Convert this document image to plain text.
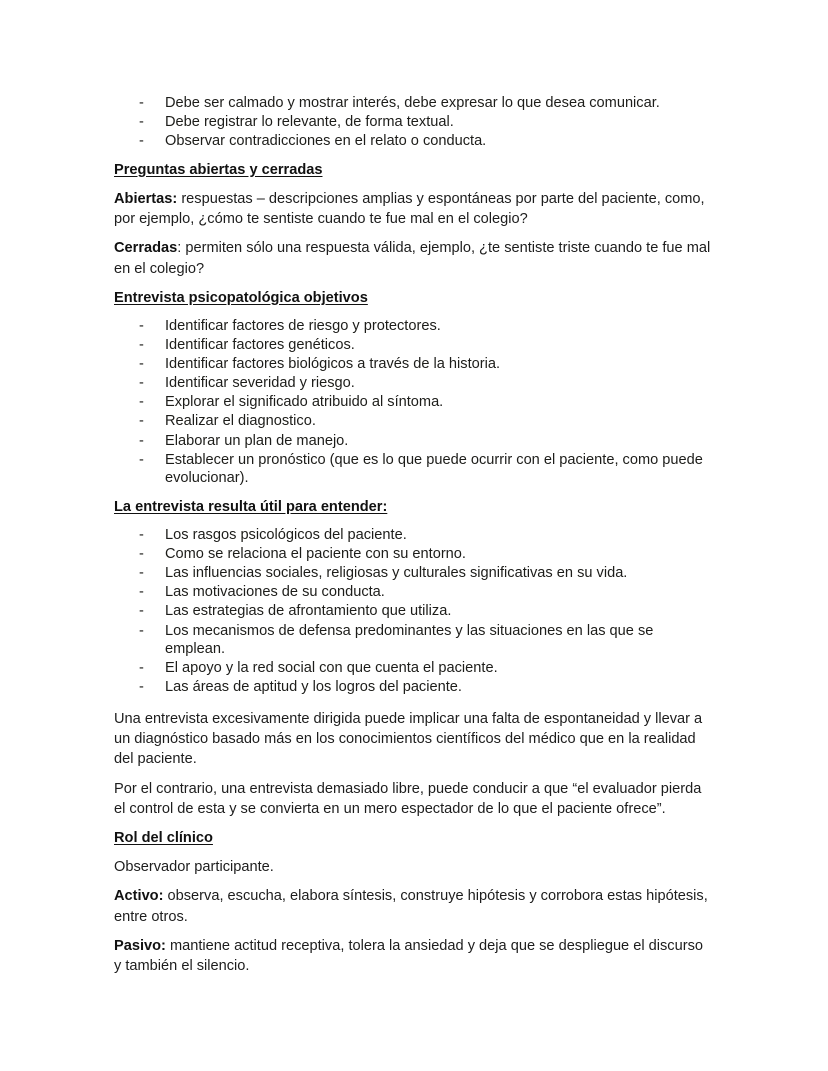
-	Debe ser calmado y mostrar interés, debe expresar lo que desea comunicar.
-	Debe registrar lo relevante, de forma textual.
-	Observar contradicciones en el relato o conducta.
Preguntas abiertas y cerradas

Abiertas: respuestas – descripciones amplias y espontáneas por parte del paciente, como, por ejemplo, ¿cómo te sentiste cuando te fue mal en el colegio?

Cerradas: permiten sólo una respuesta válida, ejemplo, ¿te sentiste triste cuando te fue mal en el colegio?

Entrevista psicopatológica objetivos
-	Identificar factores de riesgo y protectores.
-	Identificar factores genéticos.
-	Identificar factores biológicos a través de la historia.
-	Identificar severidad y riesgo.
-	Explorar el significado atribuido al síntoma.
-	Realizar el diagnostico.
-	Elaborar un plan de manejo.
-	Establecer un pronóstico (que es lo que puede ocurrir con el paciente, como puede evolucionar).
La entrevista resulta útil para entender:
-	Los rasgos psicológicos del paciente.
-	Como se relaciona el paciente con su entorno.
-	Las influencias sociales, religiosas y culturales significativas en su vida.
-	Las motivaciones de su conducta.
-	Las estrategias de afrontamiento que utiliza.
-	Los mecanismos de defensa predominantes y las situaciones en las que se emplean.
-	El apoyo y la red social con que cuenta el paciente.
-	Las áreas de aptitud y los logros del paciente.

Una entrevista excesivamente dirigida puede implicar una falta de espontaneidad y llevar a un diagnóstico basado más en los conocimientos científicos del médico que en la realidad del paciente.

Por el contrario, una entrevista demasiado libre, puede conducir a que “el evaluador pierda el control de esta y se convierta en un mero espectador de lo que el paciente ofrece”.

Rol del clínico

Observador participante.

Activo: observa, escucha, elabora síntesis, construye hipótesis y corrobora estas hipótesis, entre otros.

Pasivo: mantiene actitud receptiva, tolera la ansiedad y deja que se despliegue el discurso y también el silencio.
